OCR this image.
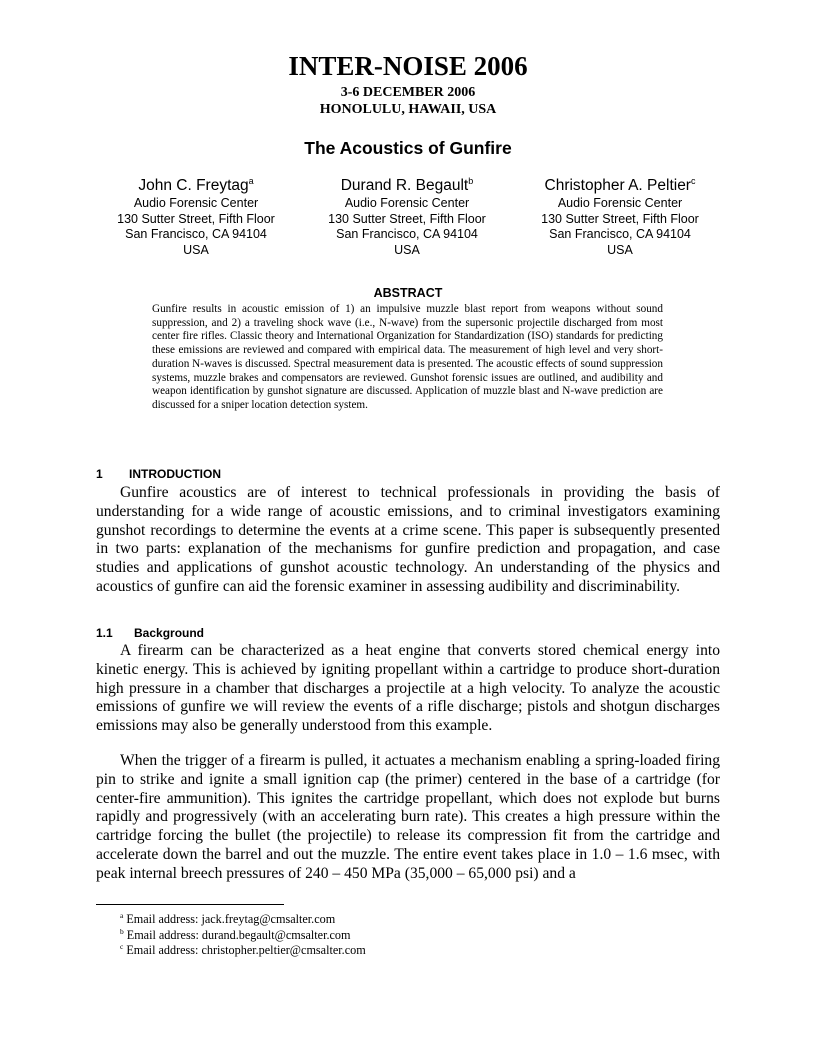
INTER-NOISE 2006
3-6 DECEMBER 2006
HONOLULU, HAWAII, USA
The Acoustics of Gunfire
John C. Freytag$^a$
Audio Forensic Center
130 Sutter Street, Fifth Floor
San Francisco, CA 94104
USA
Durand R. Begault$^b$
Audio Forensic Center
130 Sutter Street, Fifth Floor
San Francisco, CA 94104
USA
Christopher A. Peltier$^c$
Audio Forensic Center
130 Sutter Street, Fifth Floor
San Francisco, CA 94104
USA
ABSTRACT

Gunfire results in acoustic emission of 1) an impulsive muzzle blast report from weapons without sound suppression, and 2) a traveling shock wave (i.e., N-wave) from the supersonic projectile discharged from most center fire rifles. Classic theory and International Organization for Standardization (ISO) standards for predicting these emissions are reviewed and compared with empirical data. The measurement of high level and very short-duration N-waves is discussed. Spectral measurement data is presented. The acoustic effects of sound suppression systems, muzzle brakes and compensators are reviewed. Gunshot forensic issues are outlined, and audibility and weapon identification by gunshot signature are discussed. Application of muzzle blast and N-wave prediction are discussed for a sniper location detection system.

1 INTRODUCTION

Gunfire acoustics are of interest to technical professionals in providing the basis of understanding for a wide range of acoustic emissions, and to criminal investigators examining gunshot recordings to determine the events at a crime scene. This paper is subsequently presented in two parts: explanation of the mechanisms for gunfire prediction and propagation, and case studies and applications of gunshot acoustic technology. An understanding of the physics and acoustics of gunfire can aid the forensic examiner in assessing audibility and discriminability.

1.1 Background

A firearm can be characterized as a heat engine that converts stored chemical energy into kinetic energy. This is achieved by igniting propellant within a cartridge to produce short-duration high pressure in a chamber that discharges a projectile at a high velocity. To analyze the acoustic emissions of gunfire we will review the events of a rifle discharge; pistols and shotgun discharges emissions may also be generally understood from this example.

When the trigger of a firearm is pulled, it actuates a mechanism enabling a spring-loaded firing pin to strike and ignite a small ignition cap (the primer) centered in the base of a cartridge (for center-fire ammunition). This ignites the cartridge propellant, which does not explode but burns rapidly and progressively (with an accelerating burn rate). This creates a high pressure within the cartridge forcing the bullet (the projectile) to release its compression fit from the cartridge and accelerate down the barrel and out the muzzle. The entire event takes place in 1.0 – 1.6 msec, with peak internal breech pressures of 240 – 450 MPa (35,000 – 65,000 psi) and a

$^a$ Email address: jack.freytag@cmsalter.com
$^b$ Email address: durand.begault@cmsalter.com
$^c$ Email address: christopher.peltier@cmsalter.com
